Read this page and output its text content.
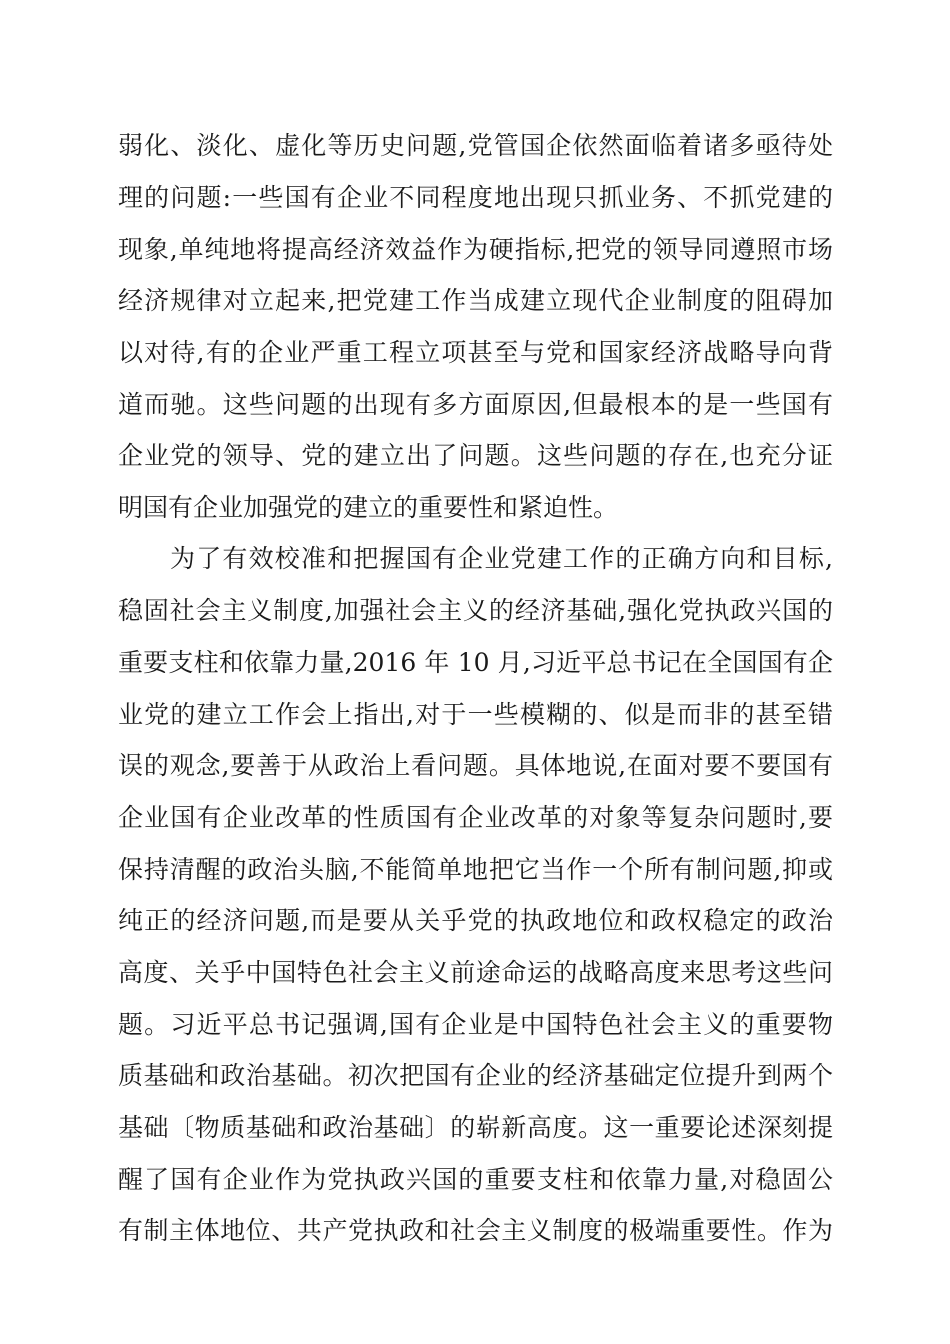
弱化、淡化、虚化等历史问题,党管国企依然面临着诸多亟待处
理的问题:一些国有企业不同程度地出现只抓业务、不抓党建的
现象,单纯地将提高经济效益作为硬指标,把党的领导同遵照市场
经济规律对立起来,把党建工作当成建立现代企业制度的阻碍加
以对待,有的企业严重工程立项甚至与党和国家经济战略导向背
道而驰。这些问题的出现有多方面原因,但最根本的是一些国有
企业党的领导、党的建立出了问题。这些问题的存在,也充分证
明国有企业加强党的建立的重要性和紧迫性。
为了有效校准和把握国有企业党建工作的正确方向和目标,
稳固社会主义制度,加强社会主义的经济基础,强化党执政兴国的
重要支柱和依靠力量,2016 年 10 月,习近平总书记在全国国有企
业党的建立工作会上指出,对于一些模糊的、似是而非的甚至错
误的观念,要善于从政治上看问题。具体地说,在面对要不要国有
企业国有企业改革的性质国有企业改革的对象等复杂问题时,要
保持清醒的政治头脑,不能简单地把它当作一个所有制问题,抑或
纯正的经济问题,而是要从关乎党的执政地位和政权稳定的政治
高度、关乎中国特色社会主义前途命运的战略高度来思考这些问
题。习近平总书记强调,国有企业是中国特色社会主义的重要物
质基础和政治基础。初次把国有企业的经济基础定位提升到两个
基础〔物质基础和政治基础〕的崭新高度。这一重要论述深刻提
醒了国有企业作为党执政兴国的重要支柱和依靠力量,对稳固公
有制主体地位、共产党执政和社会主义制度的极端重要性。作为
